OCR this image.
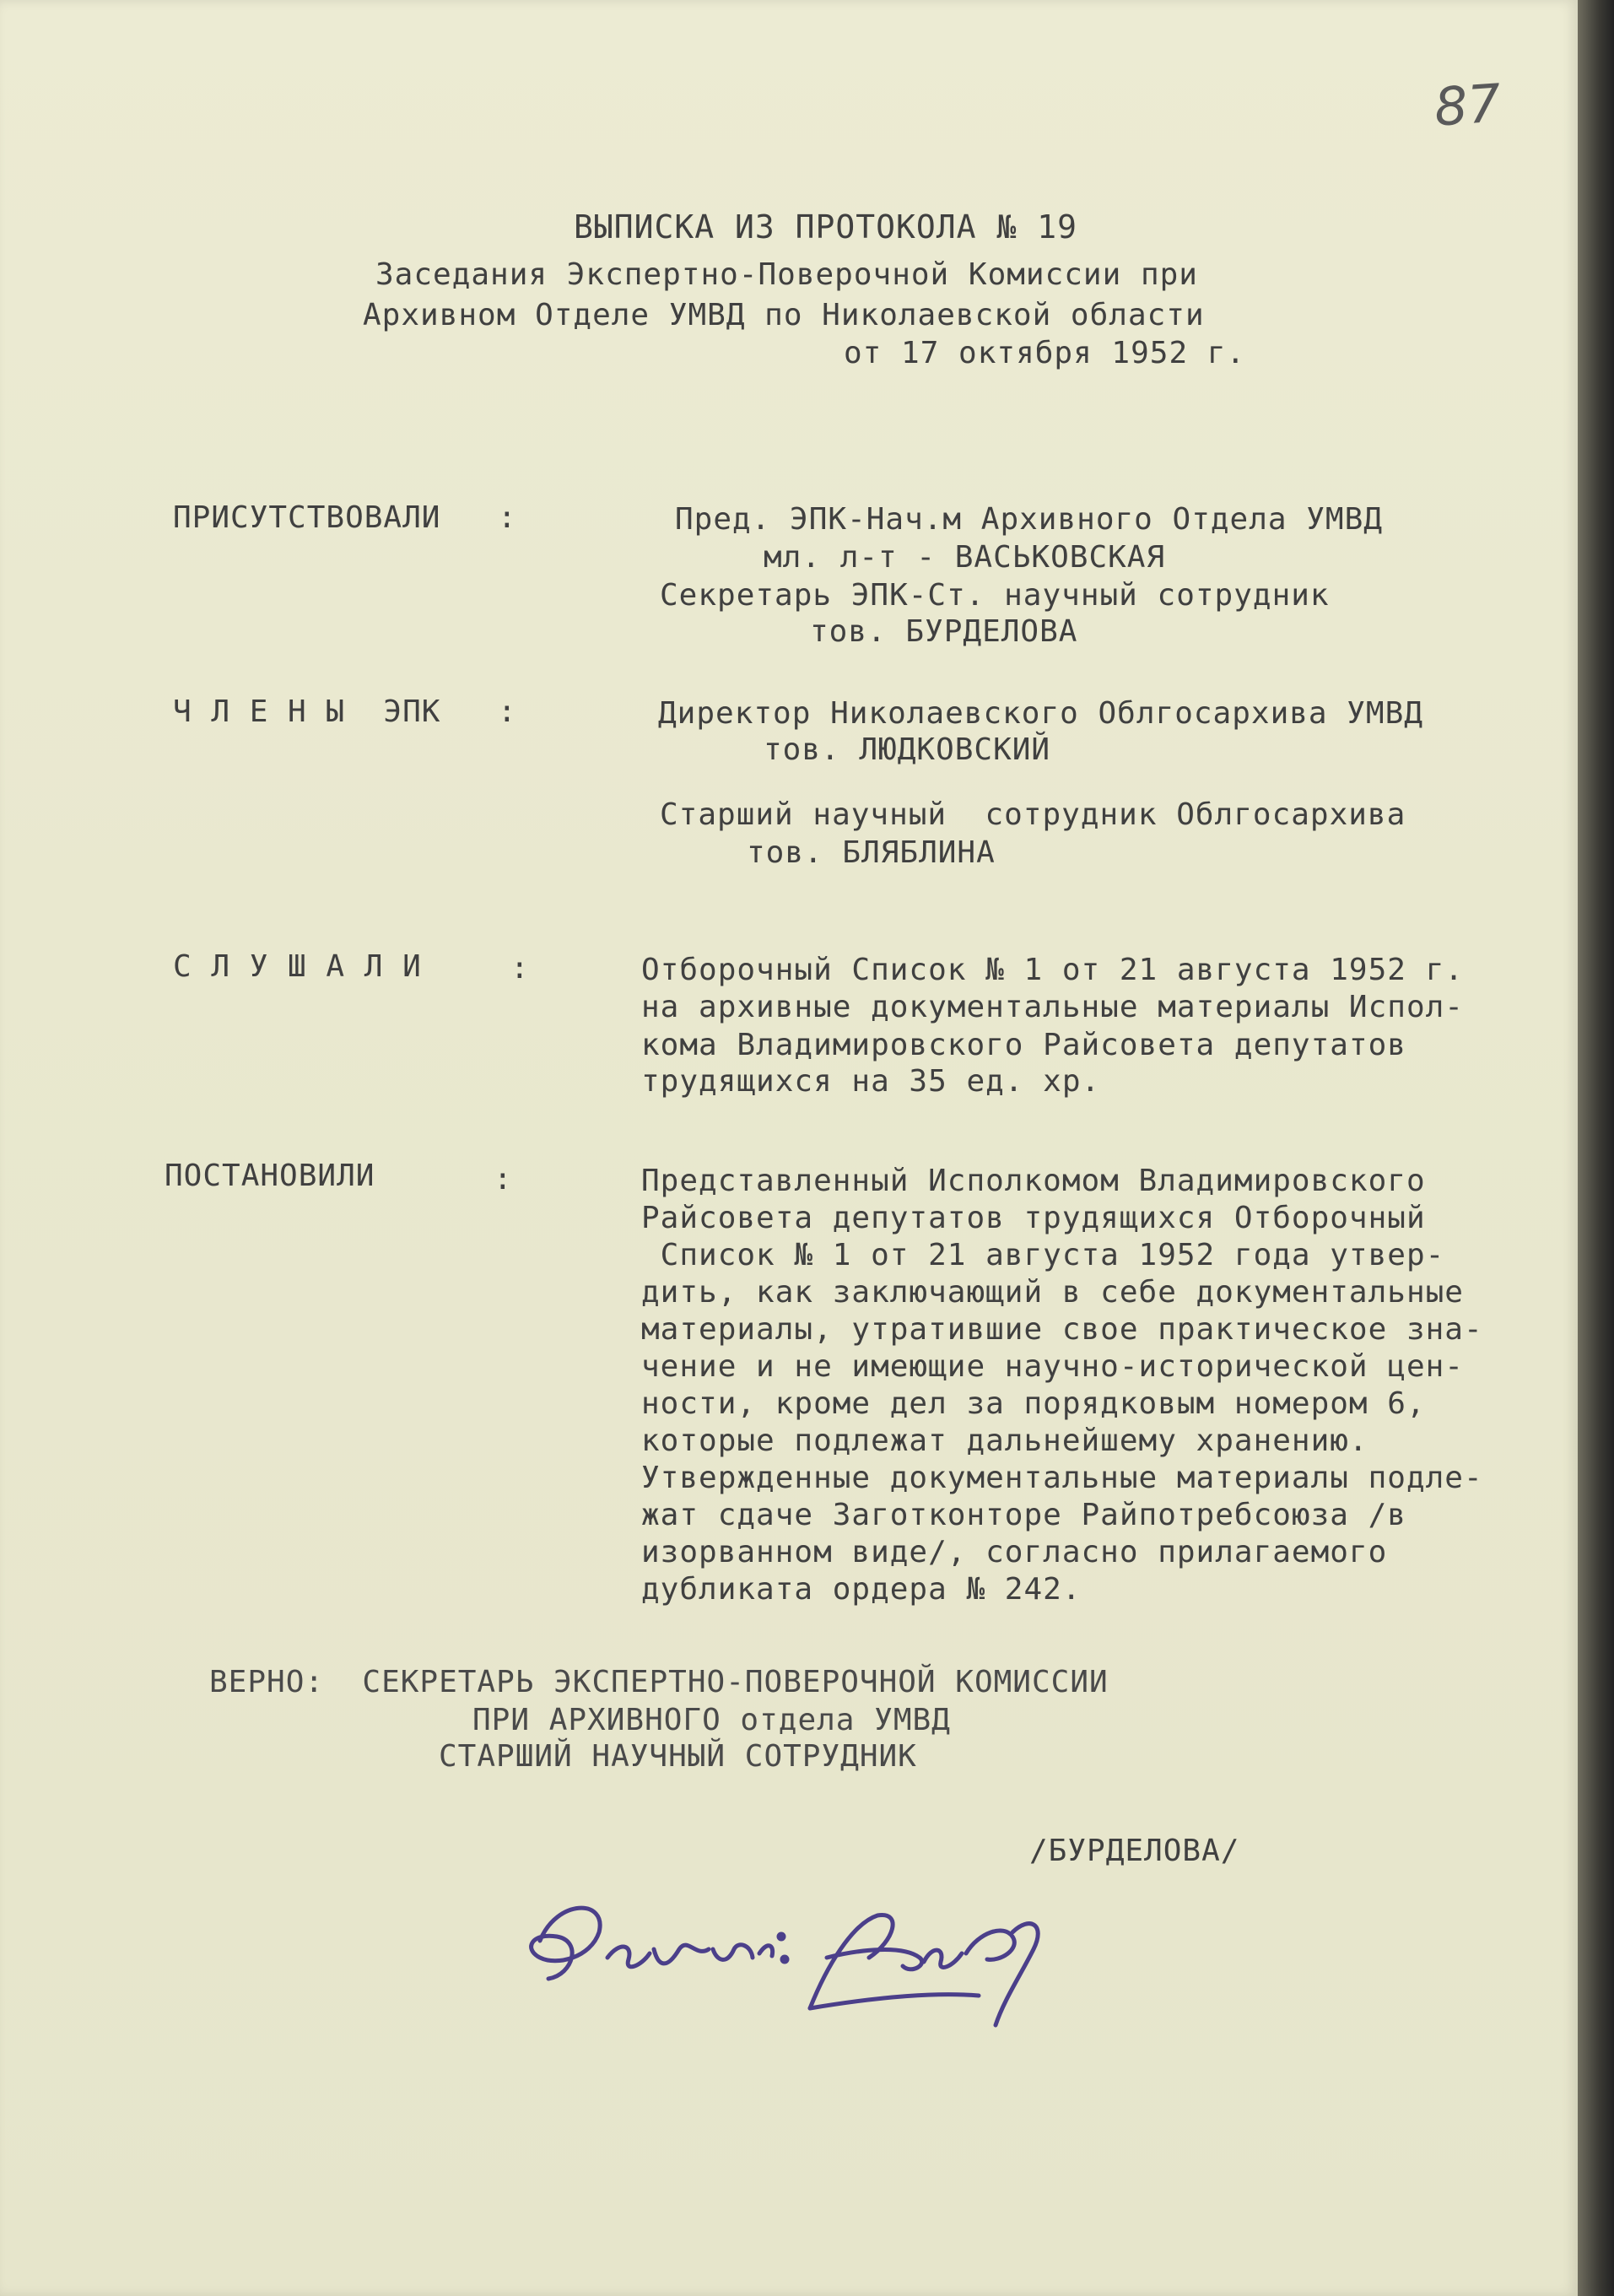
87
ВЫПИСКА ИЗ ПРОТОКОЛА № 19
Заседания Экспертно-Поверочной Комиссии при
Архивном Отделе УМВД по Николаевской области
от 17 октября 1952 г.
ПРИСУТСТВОВАЛИ :	Пред. ЭПК-Нач.м Архивного Отдела УМВД
мл. л-т - ВАСЬКОВСКАЯ
Секретарь ЭПК-Ст. научный сотрудник
тов. БУРДЕЛОВА
Ч Л Е Н Ы  ЭПК :	Директор Николаевского Облгосархива УМВД
тов. ЛЮДКОВСКИЙ
Старший научный  сотрудник Облгосархива
тов. БЛЯБЛИНА
С Л У Ш А Л И	:	Отборочный Список № 1 от 21 августа 1952 г.
на архивные документальные материалы Испол-
кома Владимировского Райсовета депутатов
трудящихся на 35 ед. хр.
ПОСТАНОВИЛИ	:	Представленный Исполкомом Владимировского
Райсовета депутатов трудящихся Отборочный
Список № 1 от 21 августа 1952 года утвер-
дить, как заключающий в себе документальные
материалы, утратившие свое практическое зна-
чение и не имеющие научно-исторической цен-
ности, кроме дел за порядковым номером 6,
которые подлежат дальнейшему хранению.
Утвержденные документальные материалы подле-
жат сдаче Заготконторе Райпотребсоюза /в
изорванном виде/, согласно прилагаемого
дубликата ордера № 242.
ВЕРНО:  СЕКРЕТАРЬ ЭКСПЕРТНО-ПОВЕРОЧНОЙ КОМИССИИ
ПРИ АРХИВНОГО отдела УМВД
СТАРШИЙ НАУЧНЫЙ СОТРУДНИК
/БУРДЕЛОВА/
